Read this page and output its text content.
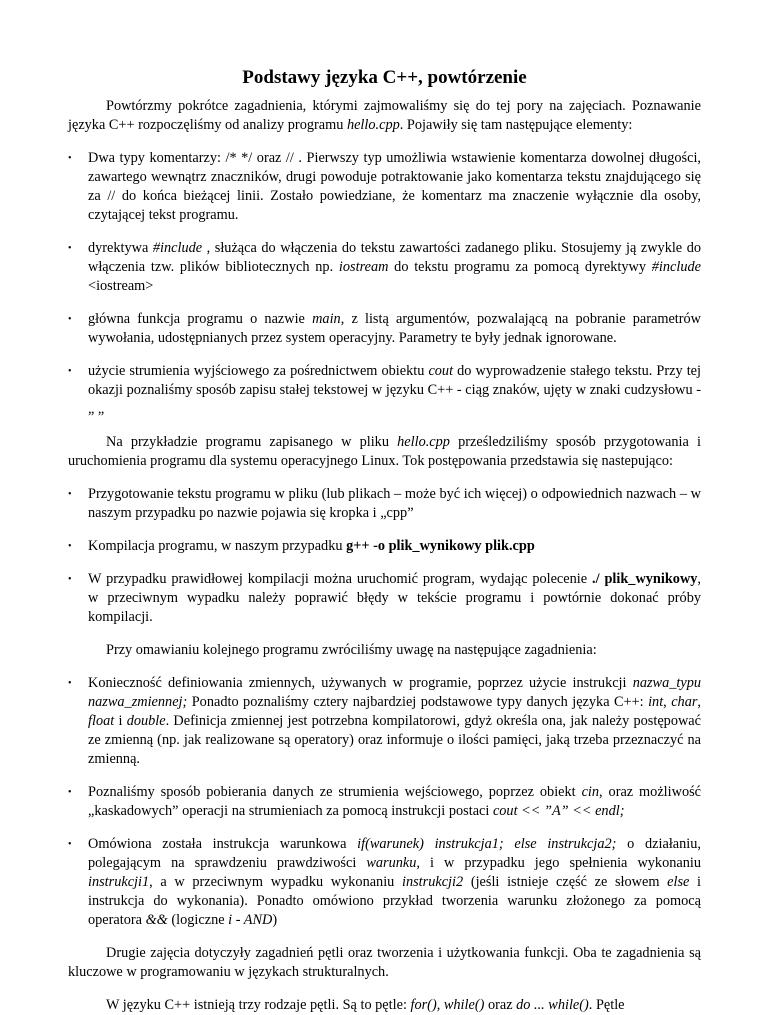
Podstawy języka C++, powtórzenie

Powtórzmy pokrótce zagadnienia, którymi zajmowaliśmy się do tej pory na zajęciach. Poznawanie języka C++ rozpoczęliśmy od analizy programu hello.cpp. Pojawiły się tam następujące elementy:

• Dwa typy komentarzy: /* */ oraz // . Pierwszy typ umożliwia wstawienie komentarza dowolnej długości, zawartego wewnątrz znaczników, drugi powoduje potraktowanie jako komentarza tekstu znajdującego się za // do końca bieżącej linii. Zostało powiedziane, że komentarz ma znaczenie wyłącznie dla osoby, czytającej tekst programu.
• dyrektywa #include , służąca do włączenia do tekstu zawartości zadanego pliku. Stosujemy ją zwykle do włączenia tzw. plików bibliotecznych np. iostream do tekstu programu za pomocą dyrektywy #include <iostream>
• główna funkcja programu o nazwie main, z listą argumentów, pozwalającą na pobranie parametrów wywołania, udostępnianych przez system operacyjny. Parametry te były jednak ignorowane.
• użycie strumienia wyjściowego za pośrednictwem obiektu cout do wyprowadzenie stałego tekstu. Przy tej okazji poznaliśmy sposób zapisu stałej tekstowej w języku C++ - ciąg znaków, ujęty w znaki cudzysłowu - „ „

Na przykładzie programu zapisanego w pliku hello.cpp prześledziliśmy sposób przygotowania i uruchomienia programu dla systemu operacyjnego Linux. Tok postępowania przedstawia się nastepująco:

• Przygotowanie tekstu programu w pliku (lub plikach – może być ich więcej) o odpowiednich nazwach – w naszym przypadku po nazwie pojawia się kropka i „cpp”
• Kompilacja programu, w naszym przypadku g++ -o plik_wynikowy plik.cpp
• W przypadku prawidłowej kompilacji można uruchomić program, wydając polecenie ./ plik_wynikowy, w przeciwnym wypadku należy poprawić błędy w tekście programu i powtórnie dokonać próby kompilacji.

Przy omawianiu kolejnego programu zwróciliśmy uwagę na następujące zagadnienia:

• Konieczność definiowania zmiennych, używanych w programie, poprzez użycie instrukcji nazwa_typu nazwa_zmiennej; Ponadto poznaliśmy cztery najbardziej podstawowe typy danych języka C++: int, char, float i double. Definicja zmiennej jest potrzebna kompilatorowi, gdyż określa ona, jak należy postępować ze zmienną (np. jak realizowane są operatory) oraz informuje o ilości pamięci, jaką trzeba przeznaczyć na zmienną.
• Poznaliśmy sposób pobierania danych ze strumienia wejściowego, poprzez obiekt cin, oraz możliwość „kaskadowych” operacji na strumieniach za pomocą instrukcji postaci cout << ”A” << endl;
• Omówiona została instrukcja warunkowa if(warunek) instrukcja1; else instrukcja2; o działaniu, polegającym na sprawdzeniu prawdziwości warunku, i w przypadku jego spełnienia wykonaniu instrukcji1, a w przeciwnym wypadku wykonaniu instrukcji2 (jeśli istnieje część ze słowem else i instrukcja do wykonania). Ponadto omówiono przykład tworzenia warunku złożonego za pomocą operatora && (logiczne i - AND)

Drugie zajęcia dotyczyły zagadnień pętli oraz tworzenia i użytkowania funkcji. Oba te zagadnienia są kluczowe w programowaniu w językach strukturalnych.

W języku C++ istnieją trzy rodzaje pętli. Są to pętle: for(), while() oraz do ... while(). Pętle
